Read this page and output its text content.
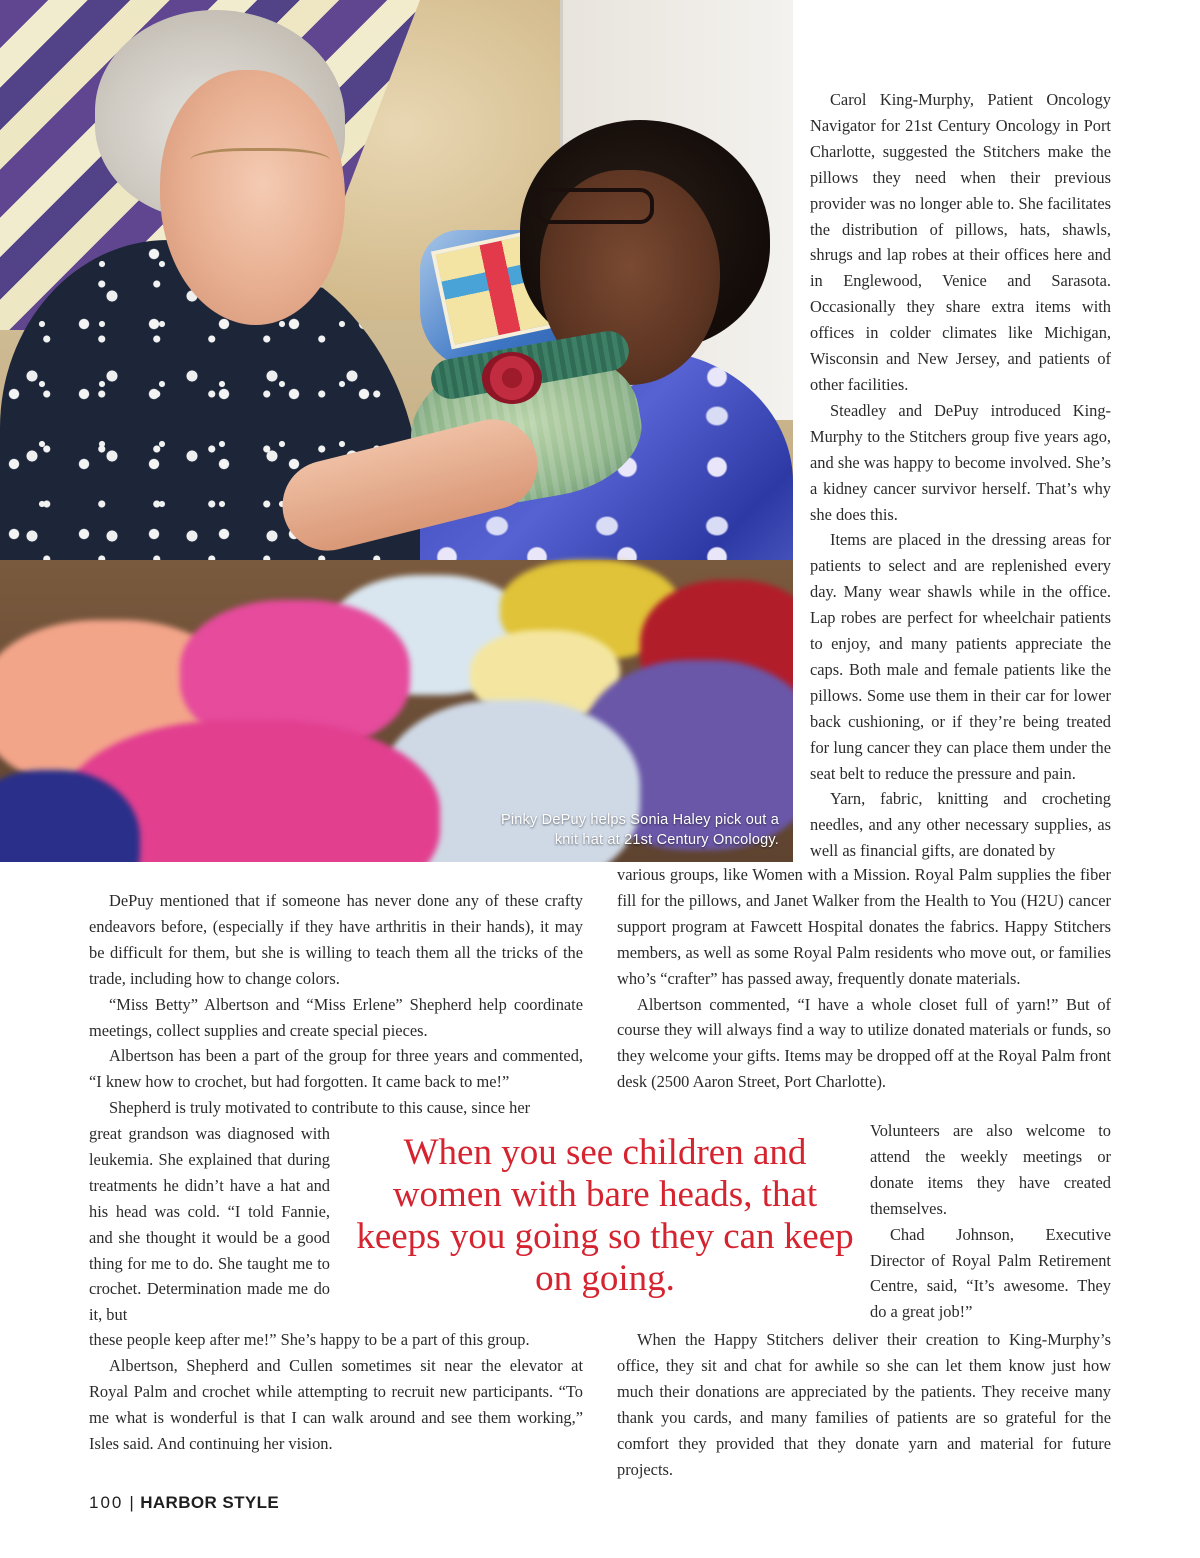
Pinky DePuy helps Sonia Haley pick out a
knit hat at 21st Century Oncology.

Carol King-Murphy, Patient Oncology Navigator for 21st Century Oncology in Port Charlotte, suggested the Stitchers make the pillows they need when their previous provider was no longer able to. She facilitates the distribution of pillows, hats, shawls, shrugs and lap robes at their offices here and in Englewood, Venice and Sarasota. Occasionally they share extra items with offices in colder climates like Michigan, Wisconsin and New Jersey, and patients of other facilities.

Steadley and DePuy introduced King-Murphy to the Stitchers group five years ago, and she was happy to become involved. She’s a kidney cancer survivor herself. That’s why she does this.

Items are placed in the dressing areas for patients to select and are replenished every day. Many wear shawls while in the office. Lap robes are perfect for wheelchair patients to enjoy, and many patients appreciate the caps. Both male and female patients like the pillows. Some use them in their car for lower back cushioning, or if they’re being treated for lung cancer they can place them under the seat belt to reduce the pressure and pain.

Yarn, fabric, knitting and crocheting needles, and any other necessary supplies, as well as financial gifts, are donated by

DePuy mentioned that if someone has never done any of these crafty endeavors before, (especially if they have arthritis in their hands), it may be difficult for them, but she is willing to teach them all the tricks of the trade, including how to change colors.

“Miss Betty” Albertson and “Miss Erlene” Shepherd help coordinate meetings, collect supplies and create special pieces.

Albertson has been a part of the group for three years and commented, “I knew how to crochet, but had forgotten. It came back to me!”

Shepherd is truly motivated to contribute to this cause, since her

various groups, like Women with a Mission. Royal Palm supplies the fiber fill for the pillows, and Janet Walker from the Health to You (H2U) cancer support program at Fawcett Hospital donates the fabrics. Happy Stitchers members, as well as some Royal Palm residents who move out, or families who’s “crafter” has passed away, frequently donate materials.

Albertson commented, “I have a whole closet full of yarn!” But of course they will always find a way to utilize donated materials or funds, so they welcome your gifts. Items may be dropped off at the Royal Palm front desk (2500 Aaron Street, Port Charlotte).

great grandson was diagnosed with leukemia. She explained that during treatments he didn’t have a hat and his head was cold. “I told Fannie, and she thought it would be a good thing for me to do. She taught me to crochet. Determination made me do it, but

When you see children and women with bare heads, that keeps you going so they can keep on going.

Volunteers are also welcome to attend the weekly meetings or donate items they have created themselves.

Chad Johnson, Executive Director of Royal Palm Retirement Centre, said, “It’s awesome. They do a great job!”

these people keep after me!” She’s happy to be a part of this group.

Albertson, Shepherd and Cullen sometimes sit near the elevator at Royal Palm and crochet while attempting to recruit new participants. “To me what is wonderful is that I can walk around and see them working,” Isles said. And continuing her vision.

When the Happy Stitchers deliver their creation to King-Murphy’s office, they sit and chat for awhile so she can let them know just how much their donations are appreciated by the patients. They receive many thank you cards, and many families of patients are so grateful for the comfort they provided that they donate yarn and material for future projects.

100 | HARBOR STYLE
